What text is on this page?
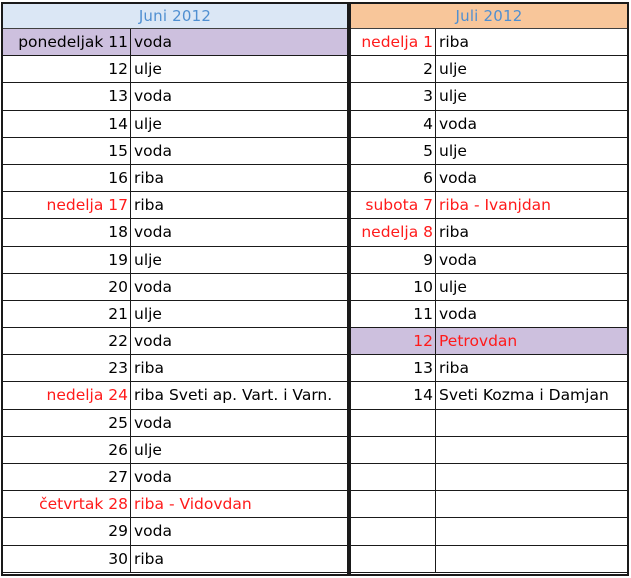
Juni 2012	Juli 2012
ponedeljak 11 voda
12 ulje
13 voda
14 ulje
15 voda
16 riba
nedelja 17 riba
18 voda
19 ulje
20 voda
21 ulje
22 voda
23 riba
nedelja 24 riba Sveti ap. Vart. i Varn.
25 voda
26 ulje
27 voda
četvrtak 28 riba - Vidovdan
29 voda
30 riba
nedelja 1 riba
2 ulje
3 ulje
4 voda
5 ulje
6 voda
subota 7 riba - Ivanjdan
nedelja 8 riba
9 voda
10 ulje
11 voda
12 Petrovdan
13 riba
14 Sveti Kozma i Damjan
